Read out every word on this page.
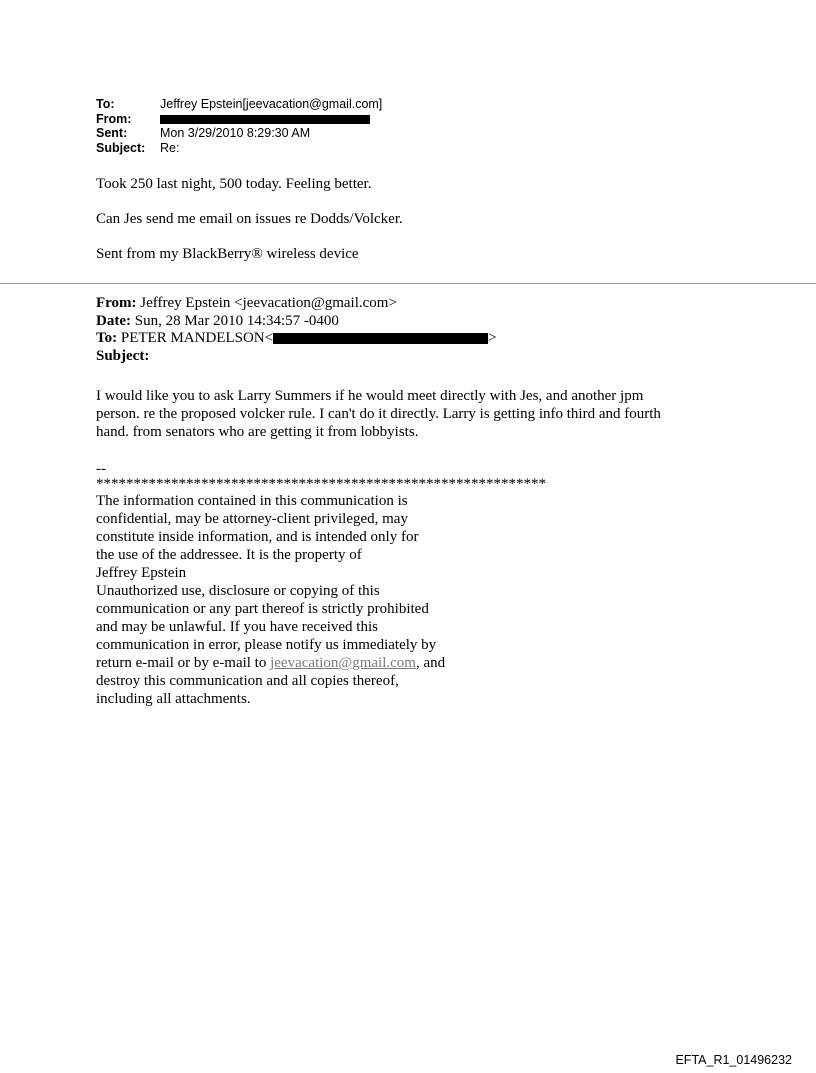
To:	Jeffrey Epstein[jeevacation@gmail.com]
From:
Sent:	Mon 3/29/2010 8:29:30 AM
Subject:	Re:
Took 250 last night, 500 today. Feeling better.
Can Jes send me email on issues re Dodds/Volcker.
Sent from my BlackBerry® wireless device
From: Jeffrey Epstein <jeevacation@gmail.com>
Date: Sun, 28 Mar 2010 14:34:57 -0400
To: PETER MANDELSON<	>
Subject:
I would like you to ask Larry Summers if he would meet directly with Jes, and another jpm
person. re the proposed volcker rule. I can't do it directly. Larry is getting info third and fourth
hand. from senators who are getting it from lobbyists.
--
************************************************************
The information contained in this communication is
confidential, may be attorney-client privileged, may
constitute inside information, and is intended only for
the use of the addressee. It is the property of
Jeffrey Epstein
Unauthorized use, disclosure or copying of this
communication or any part thereof is strictly prohibited
and may be unlawful. If you have received this
communication in error, please notify us immediately by
return e-mail or by e-mail to jeevacation@gmail.com, and
destroy this communication and all copies thereof,
including all attachments.
EFTA_R1_01496232
